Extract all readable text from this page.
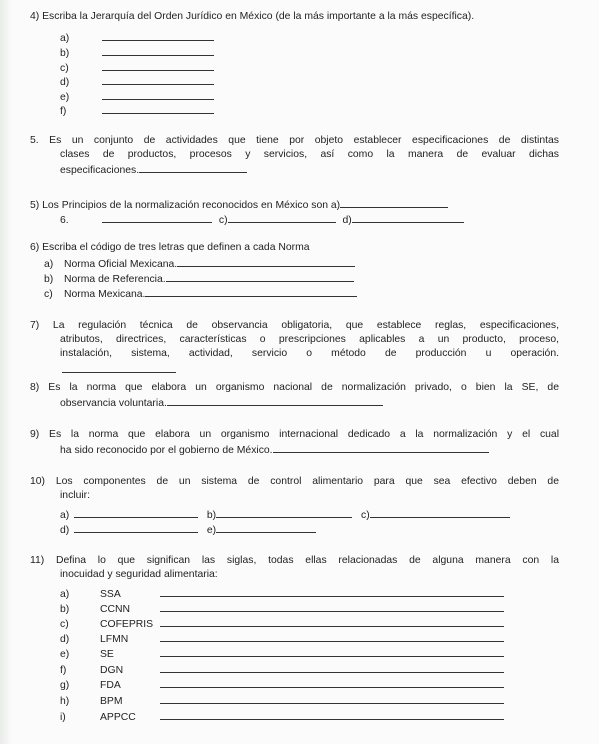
4) Escriba la Jerarquía del Orden Jurídico en México (de la más importante a la más específica).
a)
b)
c)
d)
e)
f)
5. Es un conjunto de actividades que tiene por objeto establecer especificaciones de distintas
clases de productos, procesos y servicios, así como la manera de evaluar dichas
especificaciones.
5) Los Principios de la normalización reconocidos en México son a)
6.	c)	d)
6) Escriba el código de tres letras que definen a cada Norma
a) Norma Oficial Mexicana.
b) Norma de Referencia.
c) Norma Mexicana.
7) La regulación técnica de observancia obligatoria, que establece reglas, especificaciones,
atributos, directrices, características o prescripciones aplicables a un producto, proceso,
instalación, sistema, actividad, servicio o método de producción u operación.
8) Es la norma que elabora un organismo nacional de normalización privado, o bien la SE, de
observancia voluntaria.
9) Es la norma que elabora un organismo internacional dedicado a la normalización y el cual
ha sido reconocido por el gobierno de México.
10) Los componentes de un sistema de control alimentario para que sea efectivo deben de
incluir:
a)	b)	c)
d)	e)
11) Defina lo que significan las siglas, todas ellas relacionadas de alguna manera con la
inocuidad y seguridad alimentaria:
a)	SSA
b)	CCNN
c)	COFEPRIS
d)	LFMN
e)	SE
f)	DGN
g)	FDA
h)	BPM
i)	APPCC
